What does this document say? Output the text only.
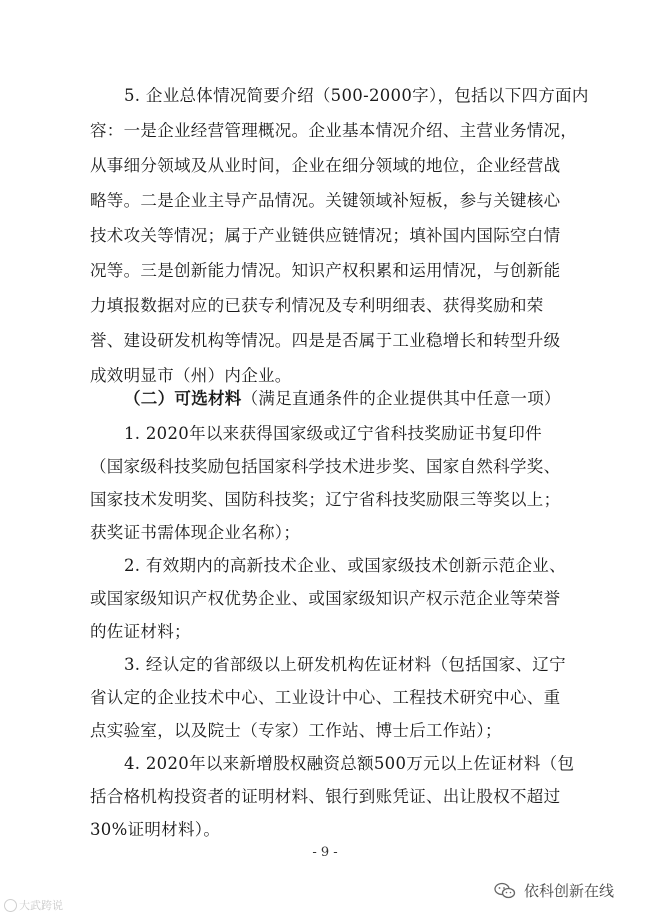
5. 企业总体情况简要介绍（500-2000字），包括以下四方面内
容：一是企业经营管理概况。企业基本情况介绍、主营业务情况，
从事细分领域及从业时间，企业在细分领域的地位，企业经营战
略等。二是企业主导产品情况。关键领域补短板，参与关键核心
技术攻关等情况；属于产业链供应链情况；填补国内国际空白情
况等。三是创新能力情况。知识产权积累和运用情况，与创新能
力填报数据对应的已获专利情况及专利明细表、获得奖励和荣
誉、建设研发机构等情况。四是是否属于工业稳增长和转型升级
成效明显市（州）内企业。
（二）可选材料（满足直通条件的企业提供其中任意一项）
1. 2020年以来获得国家级或辽宁省科技奖励证书复印件
（国家级科技奖励包括国家科学技术进步奖、国家自然科学奖、
国家技术发明奖、国防科技奖；辽宁省科技奖励限三等奖以上；
获奖证书需体现企业名称）；
2. 有效期内的高新技术企业、或国家级技术创新示范企业、
或国家级知识产权优势企业、或国家级知识产权示范企业等荣誉
的佐证材料；
3. 经认定的省部级以上研发机构佐证材料（包括国家、辽宁
省认定的企业技术中心、工业设计中心、工程技术研究中心、重
点实验室，以及院士（专家）工作站、博士后工作站）；
4. 2020年以来新增股权融资总额500万元以上佐证材料（包
- 9 -
大武跨说
依科创新在线
括合格机构投资者的证明材料、银行到账凭证、出让股权不超过
30%证明材料）。
